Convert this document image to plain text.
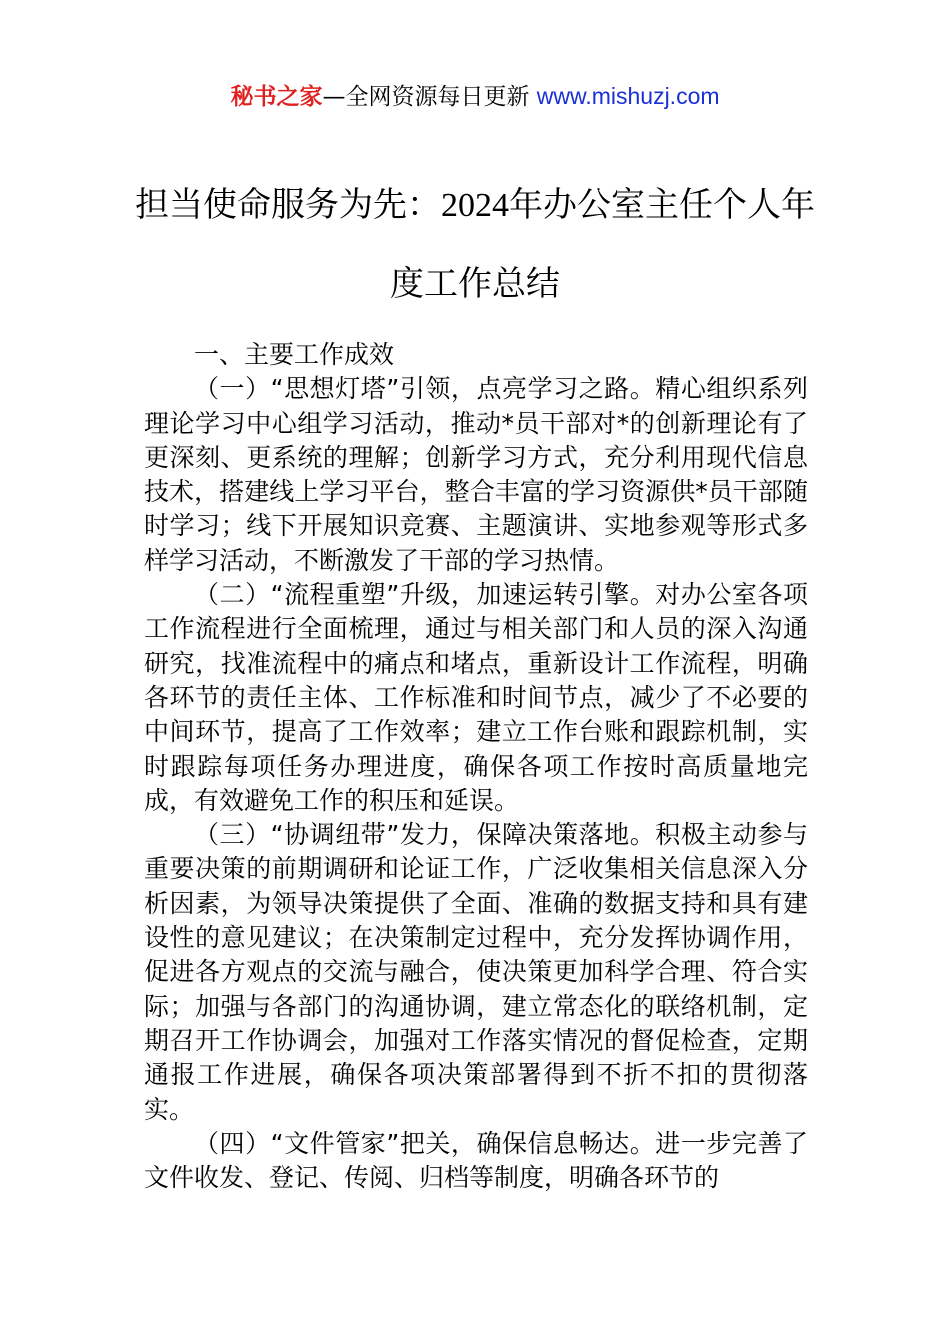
秘书之家—全网资源每日更新 www.mishuzj.com
担当使命服务为先：2024年办公室主任个人年度工作总结

一、主要工作成效

（一）“思想灯塔”引领，点亮学习之路。精心组织系列理论学习中心组学习活动，推动*员干部对*的创新理论有了更深刻、更系统的理解；创新学习方式，充分利用现代信息技术，搭建线上学习平台，整合丰富的学习资源供*员干部随时学习；线下开展知识竞赛、主题演讲、实地参观等形式多样学习活动，不断激发了干部的学习热情。

（二）“流程重塑”升级，加速运转引擎。对办公室各项工作流程进行全面梳理，通过与相关部门和人员的深入沟通研究，找准流程中的痛点和堵点，重新设计工作流程，明确各环节的责任主体、工作标准和时间节点，减少了不必要的中间环节，提高了工作效率；建立工作台账和跟踪机制，实时跟踪每项任务办理进度，确保各项工作按时高质量地完成，有效避免工作的积压和延误。

（三）“协调纽带”发力，保障决策落地。积极主动参与重要决策的前期调研和论证工作，广泛收集相关信息深入分析因素，为领导决策提供了全面、准确的数据支持和具有建设性的意见建议；在决策制定过程中，充分发挥协调作用，促进各方观点的交流与融合，使决策更加科学合理、符合实际；加强与各部门的沟通协调，建立常态化的联络机制，定期召开工作协调会，加强对工作落实情况的督促检查，定期通报工作进展，确保各项决策部署得到不折不扣的贯彻落实。

（四）“文件管家”把关，确保信息畅达。进一步完善了文件收发、登记、传阅、归档等制度，明确各环节的
